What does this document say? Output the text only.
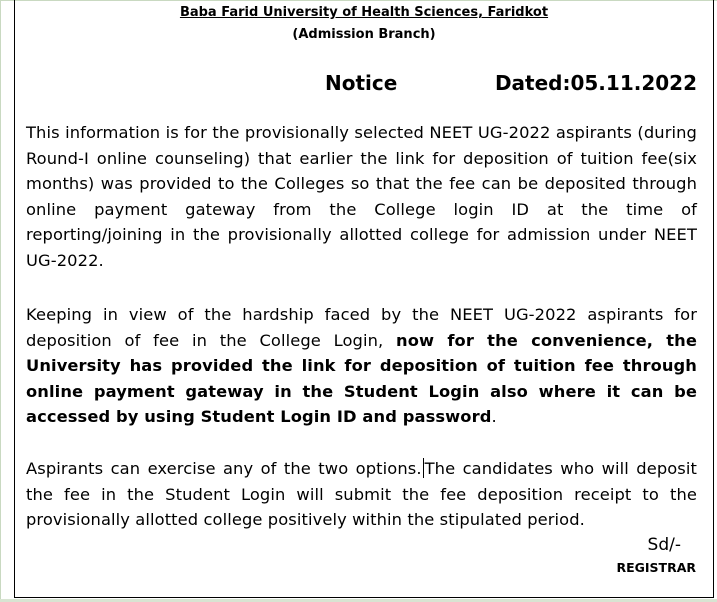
Baba Farid University of Health Sciences, Faridkot
(Admission Branch)
Notice	Dated:05.11.2022
This information is for the provisionally selected NEET UG-2022 aspirants (during Round-I online counseling) that earlier the link for deposition of tuition fee(six months) was provided to the Colleges so that the fee can be deposited through online payment gateway from the College login ID at the time of reporting/joining in the provisionally allotted college for admission under NEET UG-2022.
Keeping in view of the hardship faced by the NEET UG-2022 aspirants for deposition of fee in the College Login, now for the convenience, the University has provided the link for deposition of tuition fee through online payment gateway in the Student Login also where it can be accessed by using Student Login ID and password.
Aspirants can exercise any of the two options. The candidates who will deposit the fee in the Student Login will submit the fee deposition receipt to the provisionally allotted college positively within the stipulated period.
Sd/-
REGISTRAR
